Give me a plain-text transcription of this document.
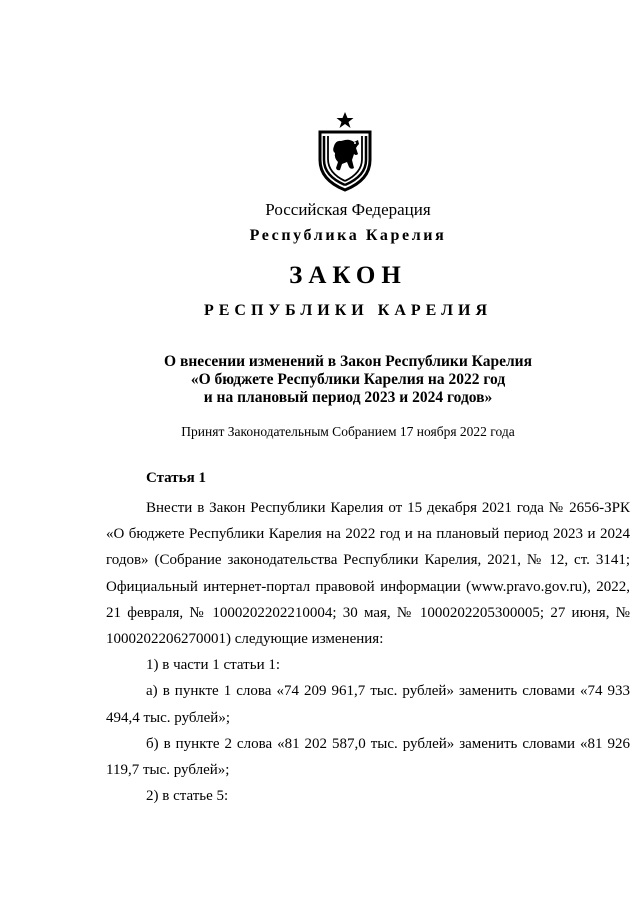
Российская Федерация
Республика Карелия
ЗАКОН
РЕСПУБЛИКИ КАРЕЛИЯ
О внесении изменений в Закон Республики Карелия
«О бюджете Республики Карелия на 2022 год
и на плановый период 2023 и 2024 годов»
Принят Законодательным Собранием 17 ноября 2022 года
Статья 1

Внести в Закон Республики Карелия от 15 декабря 2021 года № 2656-ЗРК «О бюджете Республики Карелия на 2022 год и на плановый период 2023 и 2024 годов» (Собрание законодательства Республики Карелия, 2021, № 12, ст. 3141; Официальный интернет-портал правовой информации (www.pravo.gov.ru), 2022, 21 февраля, № 1000202202210004; 30 мая, № 1000202205300005; 27 июня, № 1000202206270001) следующие изменения:

1) в части 1 статьи 1:

а) в пункте 1 слова «74 209 961,7 тыс. рублей» заменить словами «74 933 494,4 тыс. рублей»;

б) в пункте 2 слова «81 202 587,0 тыс. рублей» заменить словами «81 926 119,7 тыс. рублей»;

2) в статье 5:
